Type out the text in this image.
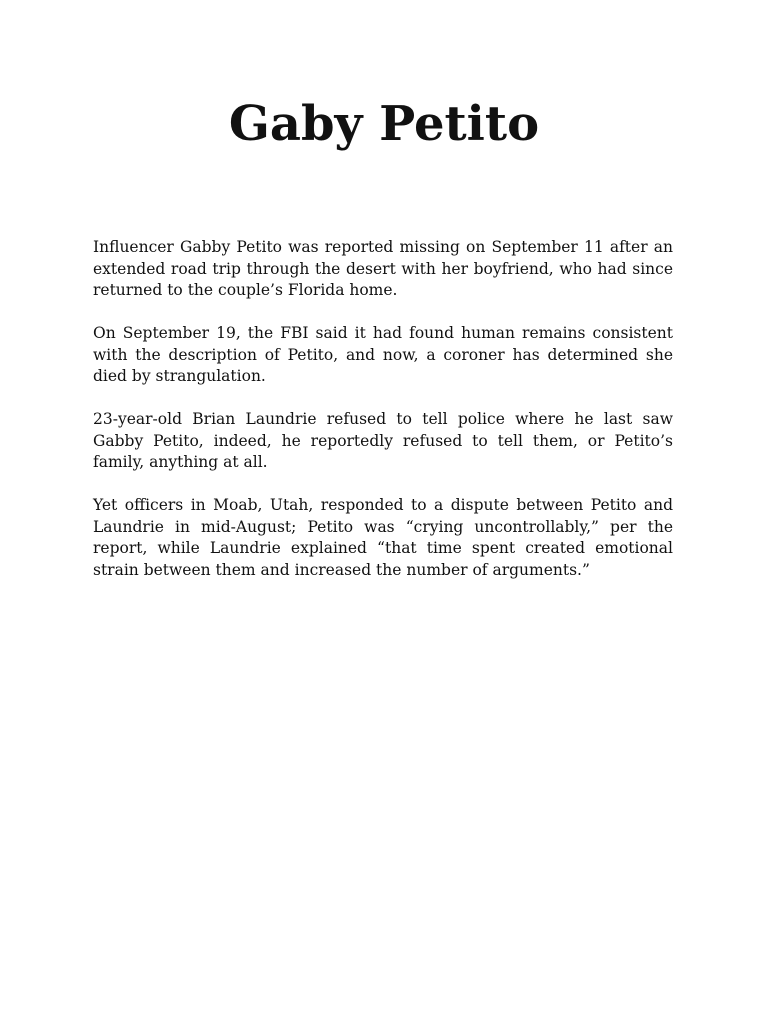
Gaby Petito

Influencer Gabby Petito was reported missing on September 11 after an extended road trip through the desert with her boyfriend, who had since returned to the couple’s Florida home.

On September 19, the FBI said it had found human remains consistent with the description of Petito, and now, a coroner has determined she died by strangulation.

23-year-old Brian Laundrie refused to tell police where he last saw Gabby Petito, indeed, he reportedly refused to tell them, or Petito’s family, anything at all.

Yet officers in Moab, Utah, responded to a dispute between Petito and Laundrie in mid-August; Petito was “crying uncontrollably,” per the report, while Laundrie explained “that time spent created emotional strain between them and increased the number of arguments.”
